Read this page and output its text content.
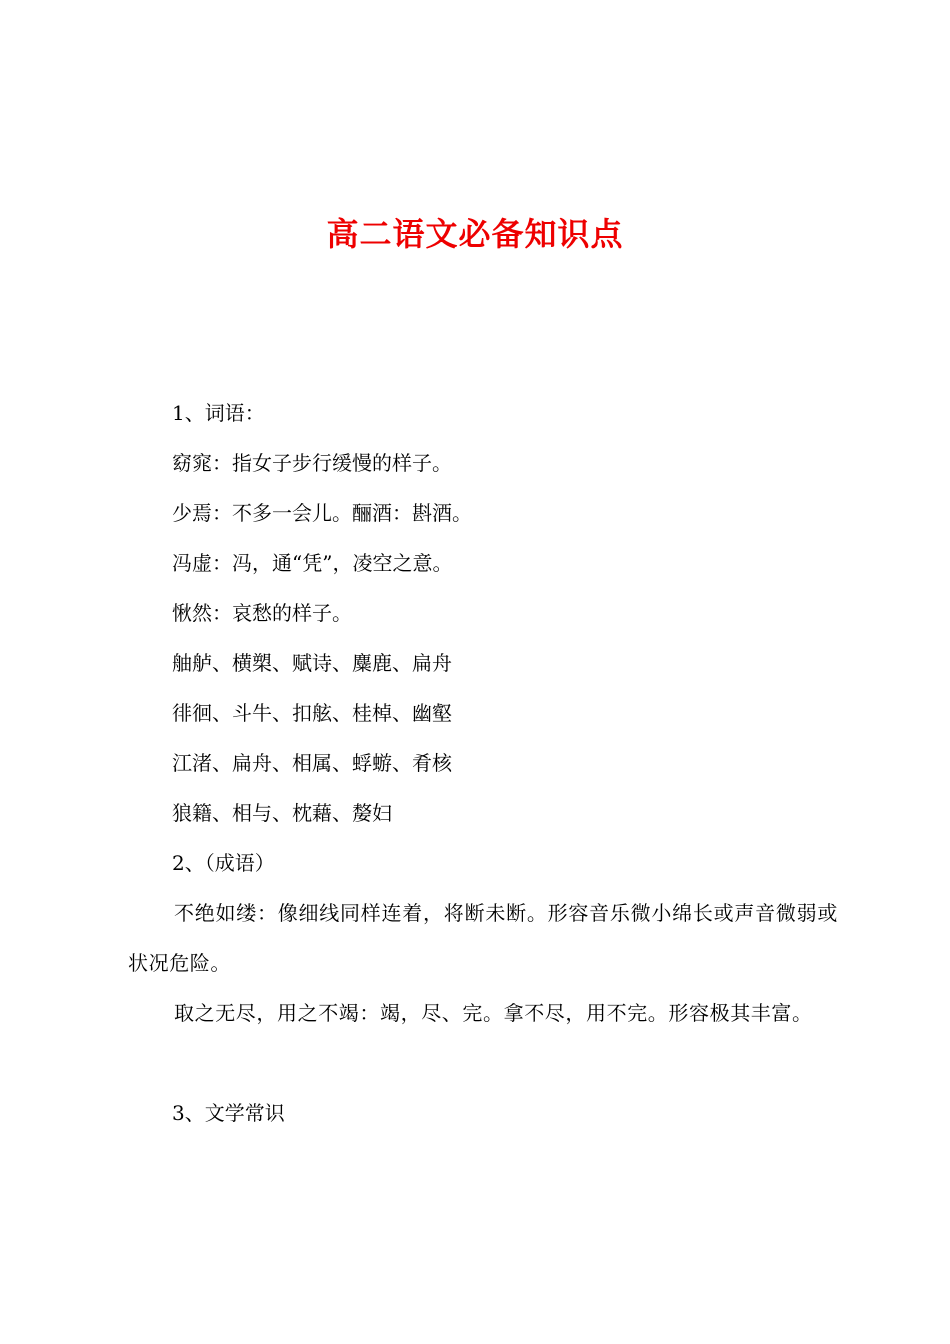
高二语文必备知识点
1、词语：
窈窕：指女子步行缓慢的样子。
少焉：不多一会儿。酾酒：斟酒。
冯虚：冯，通“凭”，凌空之意。
愀然：哀愁的样子。
舳舻、横槊、赋诗、麋鹿、扁舟
徘徊、斗牛、扣舷、桂棹、幽壑
江渚、扁舟、相属、蜉蝣、肴核
狼籍、相与、枕藉、嫠妇
2、（成语）
不绝如缕：像细线同样连着，将断未断。形容音乐微小绵长或声音微弱或状况危险。
取之无尽，用之不竭：竭，尽、完。拿不尽，用不完。形容极其丰富。
3、文学常识
